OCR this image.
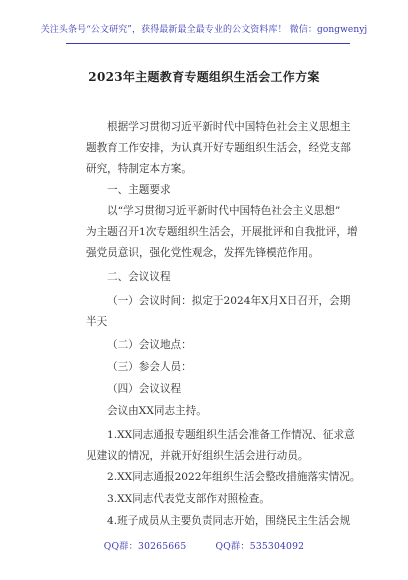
关注头条号“公文研究”，获得最新最全最专业的公文资料库！ 微信：gongwenyj
2023年主题教育专题组织生活会工作方案
根据学习贯彻习近平新时代中国特色社会主义思想主
题教育工作安排，为认真开好专题组织生活会，经党支部
研究，特制定本方案。
一、主题要求
以“学习贯彻习近平新时代中国特色社会主义思想”
为主题召开1次专题组织生活会，开展批评和自我批评，增
强党员意识，强化党性观念，发挥先锋模范作用。
二、会议议程
（一）会议时间：拟定于2024年X月X日召开，会期
半天
（二）会议地点：
（三）参会人员：
（四）会议议程
会议由XX同志主持。
1.XX同志通报专题组织生活会准备工作情况、征求意
见建议的情况，并就开好组织生活会进行动员。
2.XX同志通报2022年组织生活会整改措施落实情况。
3.XX同志代表党支部作对照检查。
4.班子成员从主要负责同志开始，围绕民主生活会规
QQ群：30265665	QQ群：535304092
